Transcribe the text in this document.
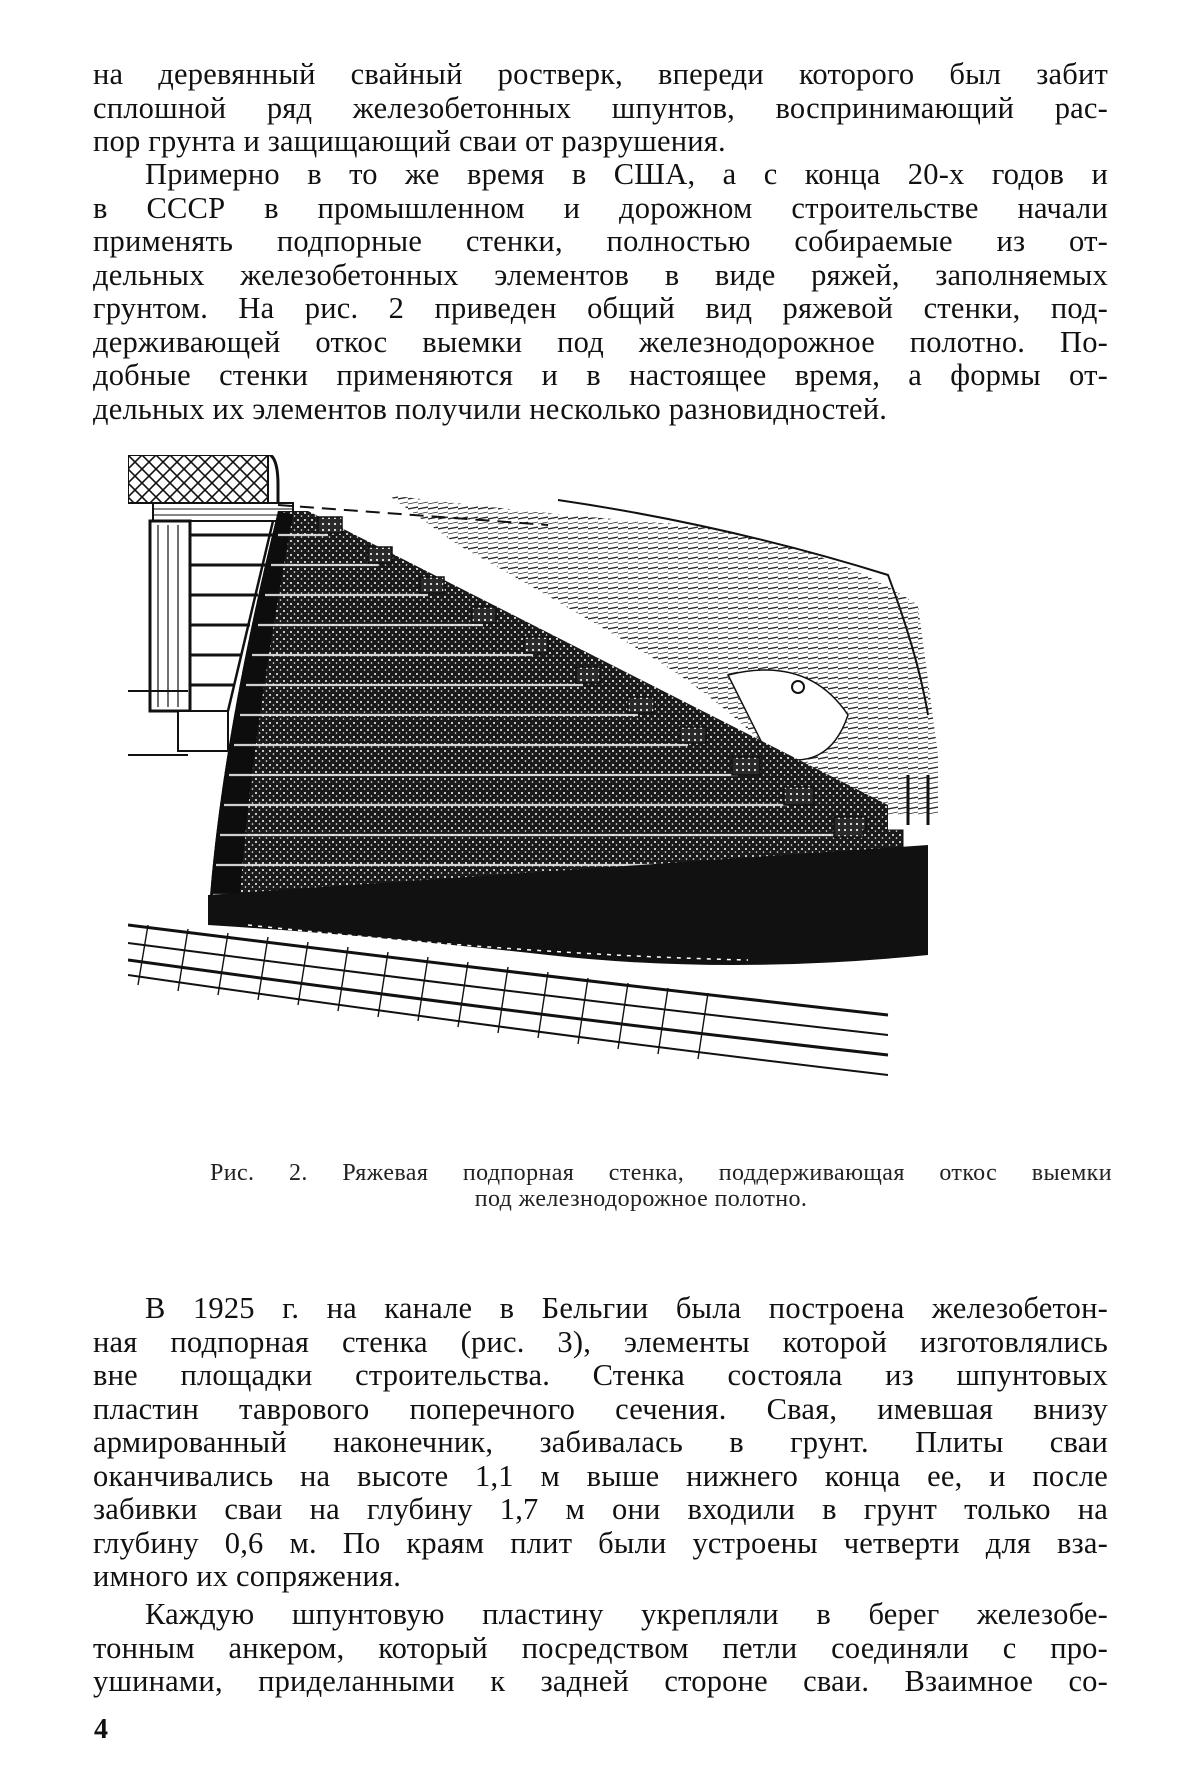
на деревянный свайный ростверк, впереди которого был забит
сплошной ряд железобетонных шпунтов, воспринимающий рас-
пор грунта и защищающий сваи от разрушения.

Примерно в то же время в США, а с конца 20-х годов и
в СССР в промышленном и дорожном строительстве начали
применять подпорные стенки, полностью собираемые из от-
дельных железобетонных элементов в виде ряжей, заполняемых
грунтом. На рис. 2 приведен общий вид ряжевой стенки, под-
держивающей откос выемки под железнодорожное полотно. По-
добные стенки применяются и в настоящее время, а формы от-
дельных их элементов получили несколько разновидностей.

Рис. 2. Ряжевая подпорная стенка, поддерживающая откос выемки
под железнодорожное полотно.

В 1925 г. на канале в Бельгии была построена железобетон-
ная подпорная стенка (рис. 3), элементы которой изготовлялись
вне площадки строительства. Стенка состояла из шпунтовых
пластин таврового поперечного сечения. Свая, имевшая внизу
армированный наконечник, забивалась в грунт. Плиты сваи
оканчивались на высоте 1,1 м выше нижнего конца ее, и после
забивки сваи на глубину 1,7 м они входили в грунт только на
глубину 0,6 м. По краям плит были устроены четверти для вза-
имного их сопряжения.

Каждую шпунтовую пластину укрепляли в берег железобе-
тонным анкером, который посредством петли соединяли с про-
ушинами, приделанными к задней стороне сваи. Взаимное со-

4
